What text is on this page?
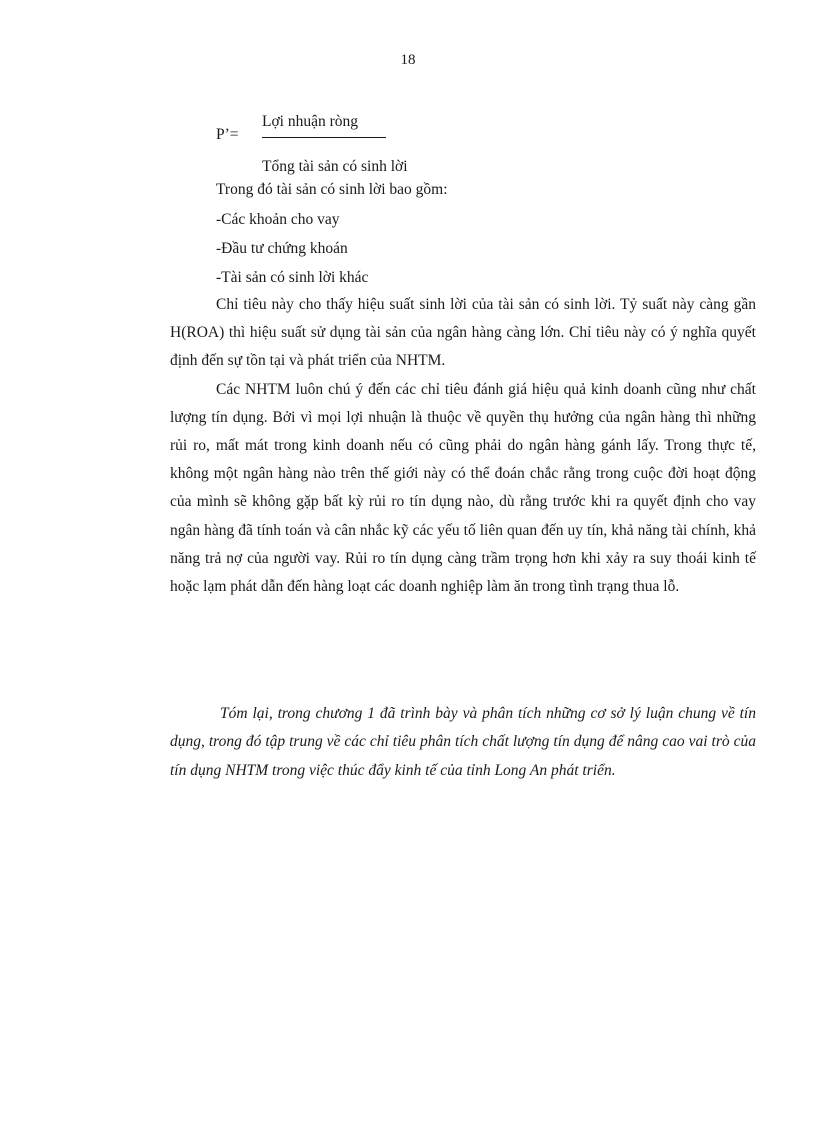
18
P’=
Lợi nhuận ròng
Tổng tài sản có sinh lời
Trong đó tài sản có sinh lời bao gồm:
-Các khoản cho vay
-Đầu tư chứng khoán
-Tài sản có sinh lời khác

Chỉ tiêu này cho thấy hiệu suất sinh lời của tài sản có sinh lời. Tỷ suất này càng gần H(ROA) thì hiệu suất sử dụng tài sản của ngân hàng càng lớn. Chỉ tiêu này có ý nghĩa quyết định đến sự tồn tại và phát triển của NHTM.

Các NHTM luôn chú ý đến các chỉ tiêu đánh giá hiệu quả kinh doanh cũng như chất lượng tín dụng. Bởi vì mọi lợi nhuận là thuộc về quyền thụ hưởng của ngân hàng thì những rủi ro, mất mát trong kinh doanh nếu có cũng phải do ngân hàng gánh lấy. Trong thực tế, không một ngân hàng nào trên thế giới này có thể đoán chắc rằng trong cuộc đời hoạt động của mình sẽ không gặp bất kỳ rủi ro tín dụng nào, dù rằng trước khi ra quyết định cho vay ngân hàng đã tính toán và cân nhắc kỹ các yếu tố liên quan đến uy tín, khả năng tài chính, khả năng trả nợ của người vay. Rủi ro tín dụng càng trầm trọng hơn khi xảy ra suy thoái kinh tế hoặc lạm phát dẫn đến hàng loạt các doanh nghiệp làm ăn trong tình trạng thua lỗ.

Tóm lại, trong chương 1 đã trình bày và phân tích những cơ sở lý luận chung về tín dụng, trong đó tập trung về các chỉ tiêu phân tích chất lượng tín dụng để nâng cao vai trò của tín dụng NHTM trong việc thúc đẩy kinh tế của tỉnh Long An phát triển.
